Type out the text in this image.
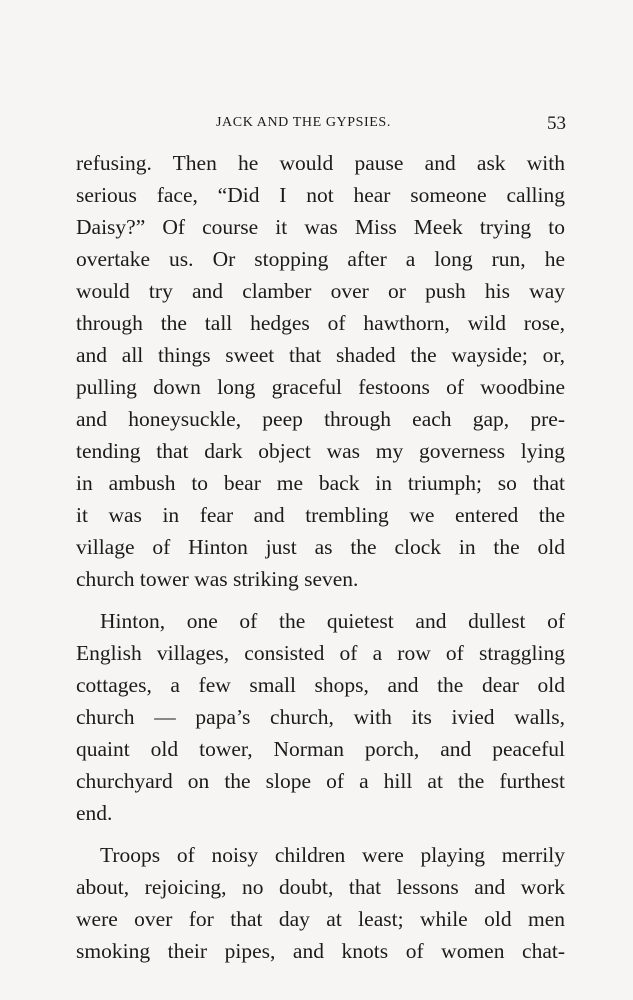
JACK AND THE GYPSIES.	53
refusing. Then he would pause and ask with
serious face, “Did I not hear someone calling
Daisy?” Of course it was Miss Meek trying to
overtake us. Or stopping after a long run, he
would try and clamber over or push his way
through the tall hedges of hawthorn, wild rose,
and all things sweet that shaded the wayside; or,
pulling down long graceful festoons of woodbine
and honeysuckle, peep through each gap, pre-
tending that dark object was my governess lying
in ambush to bear me back in triumph; so that
it was in fear and trembling we entered the
village of Hinton just as the clock in the old
church tower was striking seven.
Hinton, one of the quietest and dullest of
English villages, consisted of a row of straggling
cottages, a few small shops, and the dear old
church — papa’s church, with its ivied walls,
quaint old tower, Norman porch, and peaceful
churchyard on the slope of a hill at the furthest
end.
Troops of noisy children were playing merrily
about, rejoicing, no doubt, that lessons and work
were over for that day at least; while old men
smoking their pipes, and knots of women chat-
